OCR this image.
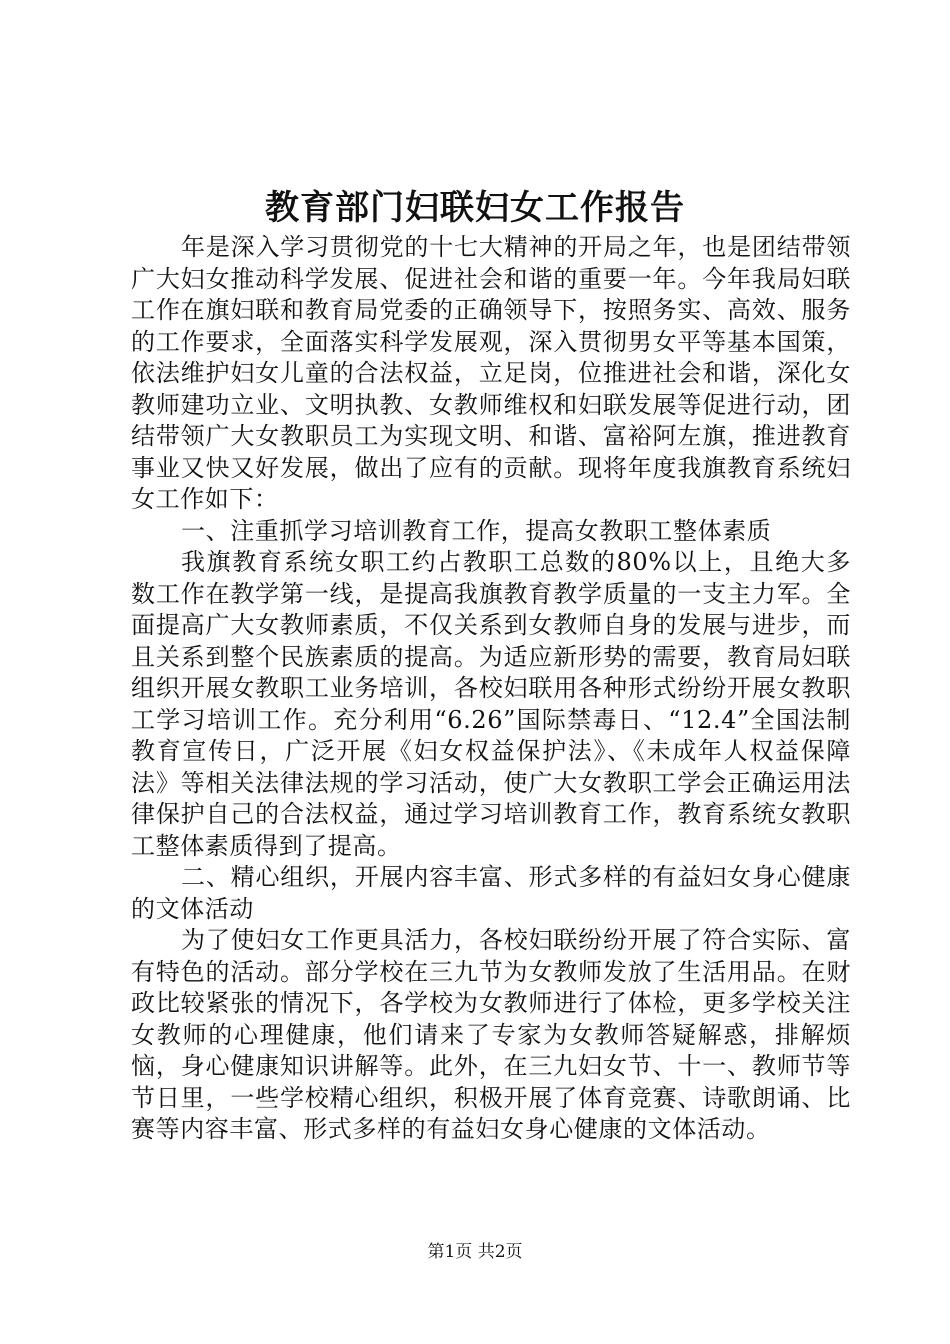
教育部门妇联妇女工作报告

年是深入学习贯彻党的十七大精神的开局之年，也是团结带领广大妇女推动科学发展、促进社会和谐的重要一年。今年我局妇联工作在旗妇联和教育局党委的正确领导下，按照务实、高效、服务的工作要求，全面落实科学发展观，深入贯彻男女平等基本国策，依法维护妇女儿童的合法权益，立足岗，位推进社会和谐，深化女教师建功立业、文明执教、女教师维权和妇联发展等促进行动，团结带领广大女教职员工为实现文明、和谐、富裕阿左旗，推进教育事业又快又好发展，做出了应有的贡献。现将年度我旗教育系统妇女工作如下：

一、注重抓学习培训教育工作，提高女教职工整体素质

我旗教育系统女职工约占教职工总数的80%以上，且绝大多数工作在教学第一线，是提高我旗教育教学质量的一支主力军。全面提高广大女教师素质，不仅关系到女教师自身的发展与进步，而且关系到整个民族素质的提高。为适应新形势的需要，教育局妇联组织开展女教职工业务培训，各校妇联用各种形式纷纷开展女教职工学习培训工作。充分利用“6.26”国际禁毒日、“12.4”全国法制教育宣传日，广泛开展《妇女权益保护法》、《未成年人权益保障法》等相关法律法规的学习活动，使广大女教职工学会正确运用法律保护自己的合法权益，通过学习培训教育工作，教育系统女教职工整体素质得到了提高。

二、精心组织，开展内容丰富、形式多样的有益妇女身心健康的文体活动

为了使妇女工作更具活力，各校妇联纷纷开展了符合实际、富有特色的活动。部分学校在三九节为女教师发放了生活用品。在财政比较紧张的情况下，各学校为女教师进行了体检，更多学校关注女教师的心理健康，他们请来了专家为女教师答疑解惑，排解烦恼，身心健康知识讲解等。此外，在三九妇女节、十一、教师节等节日里，一些学校精心组织，积极开展了体育竞赛、诗歌朗诵、比赛等内容丰富、形式多样的有益妇女身心健康的文体活动。

第1页 共2页
